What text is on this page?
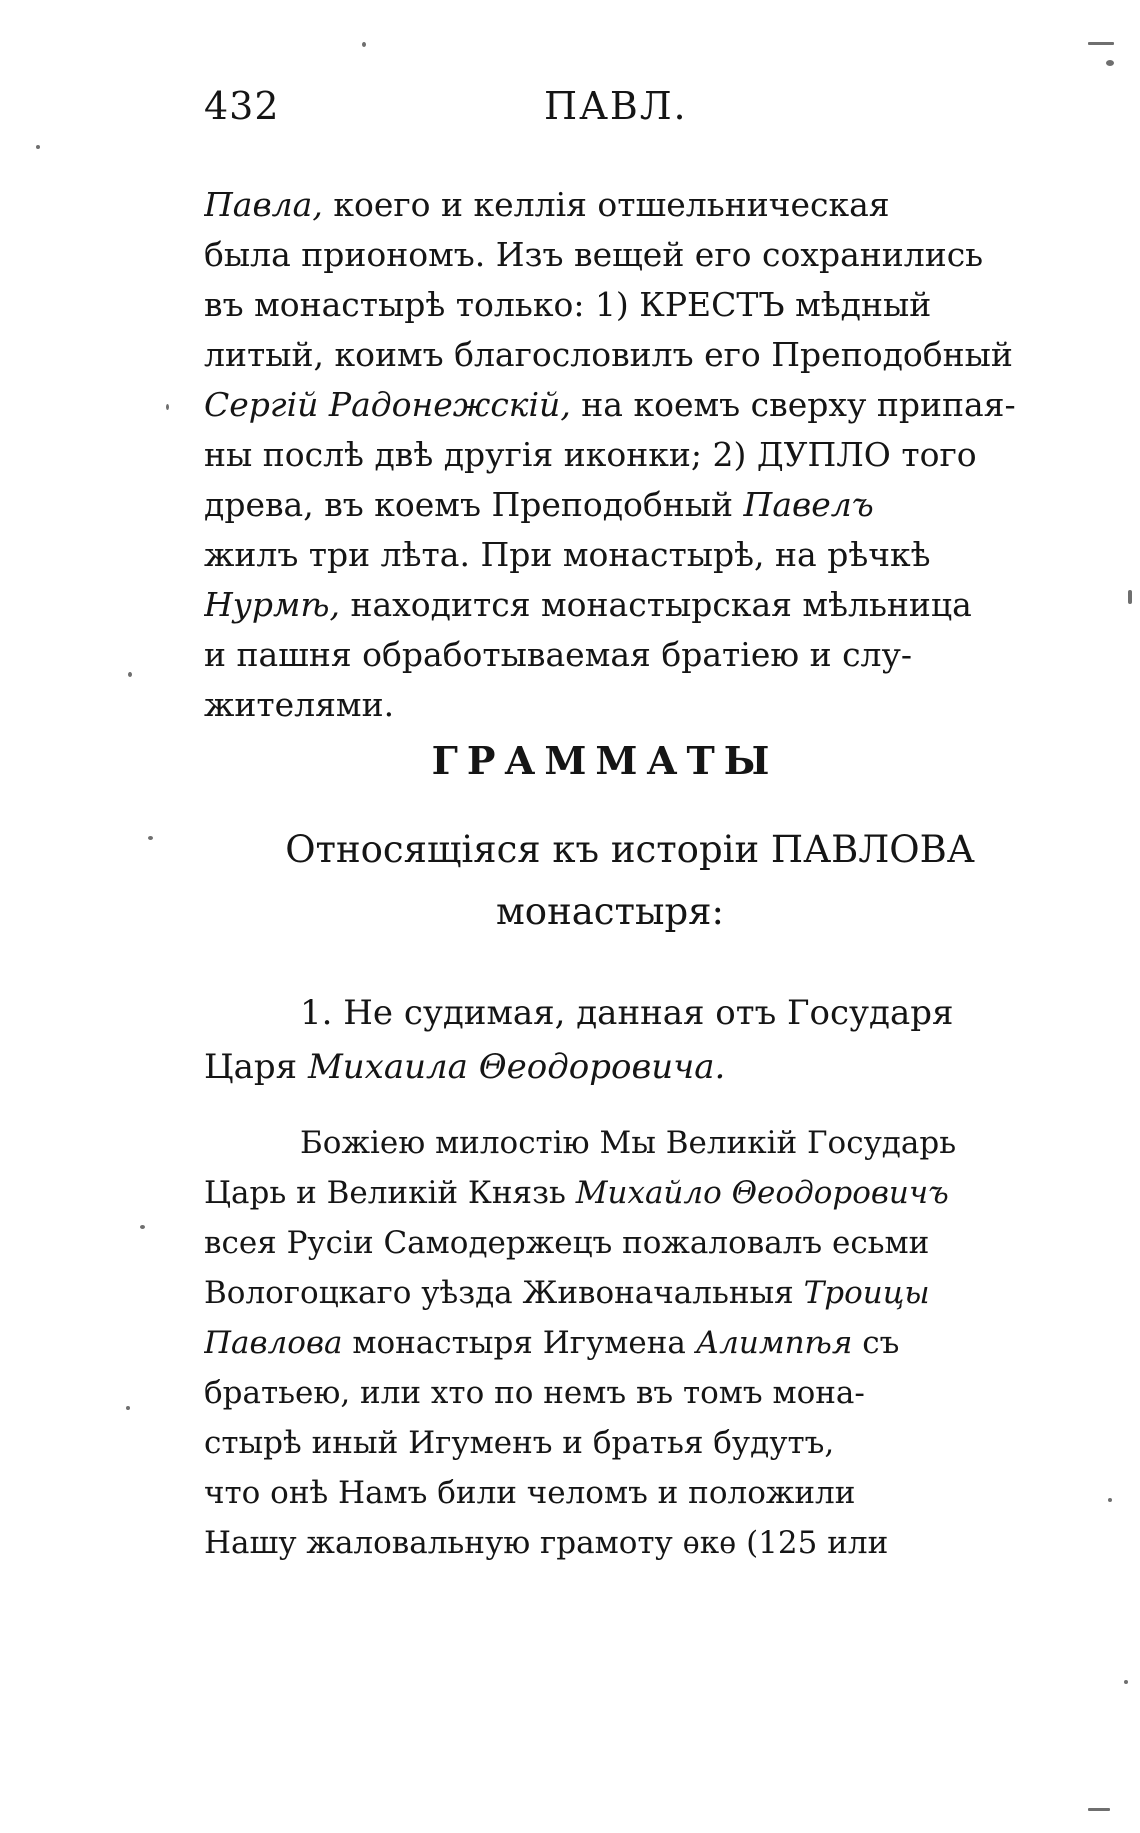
432	ПАВЛ.
Павла, коего и келлія отшельническая
была приономъ. Изъ вещей его сохранились
въ монастырѣ только: 1) КРЕСТЪ мѣдный
литый, коимъ благословилъ его Преподобный
Сергій Радонежскій, на коемъ сверху припая-
ны послѣ двѣ другія иконки; 2) ДУПЛО того
древа, въ коемъ Преподобный Павелъ
жилъ три лѣта. При монастырѣ, на рѣчкѣ
Нурмѣ, находится монастырская мѣльница
и пашня обработываемая братіею и слу-
жителями.
ГРАММАТЫ
Относящіяся къ исторіи ПАВЛОВА
монастыря:
1. Не судимая, данная отъ Государя
Царя Михаила Θеодоровича.
Божіею милостію Мы Великій Государь
Царь и Великій Князь Михайло Θеодоровичъ
всея Русіи Самодержецъ пожаловалъ есьми
Вологоцкаго уѣзда Живоначальныя Троицы
Павлова монастыря Игумена Алимпѣя съ
братьею, или хто по немъ въ томъ мона-
стырѣ иный Игуменъ и братья будутъ,
что онѣ Намъ били челомъ и положили
Нашу жаловальную грамоту ѳкѳ (125 или
